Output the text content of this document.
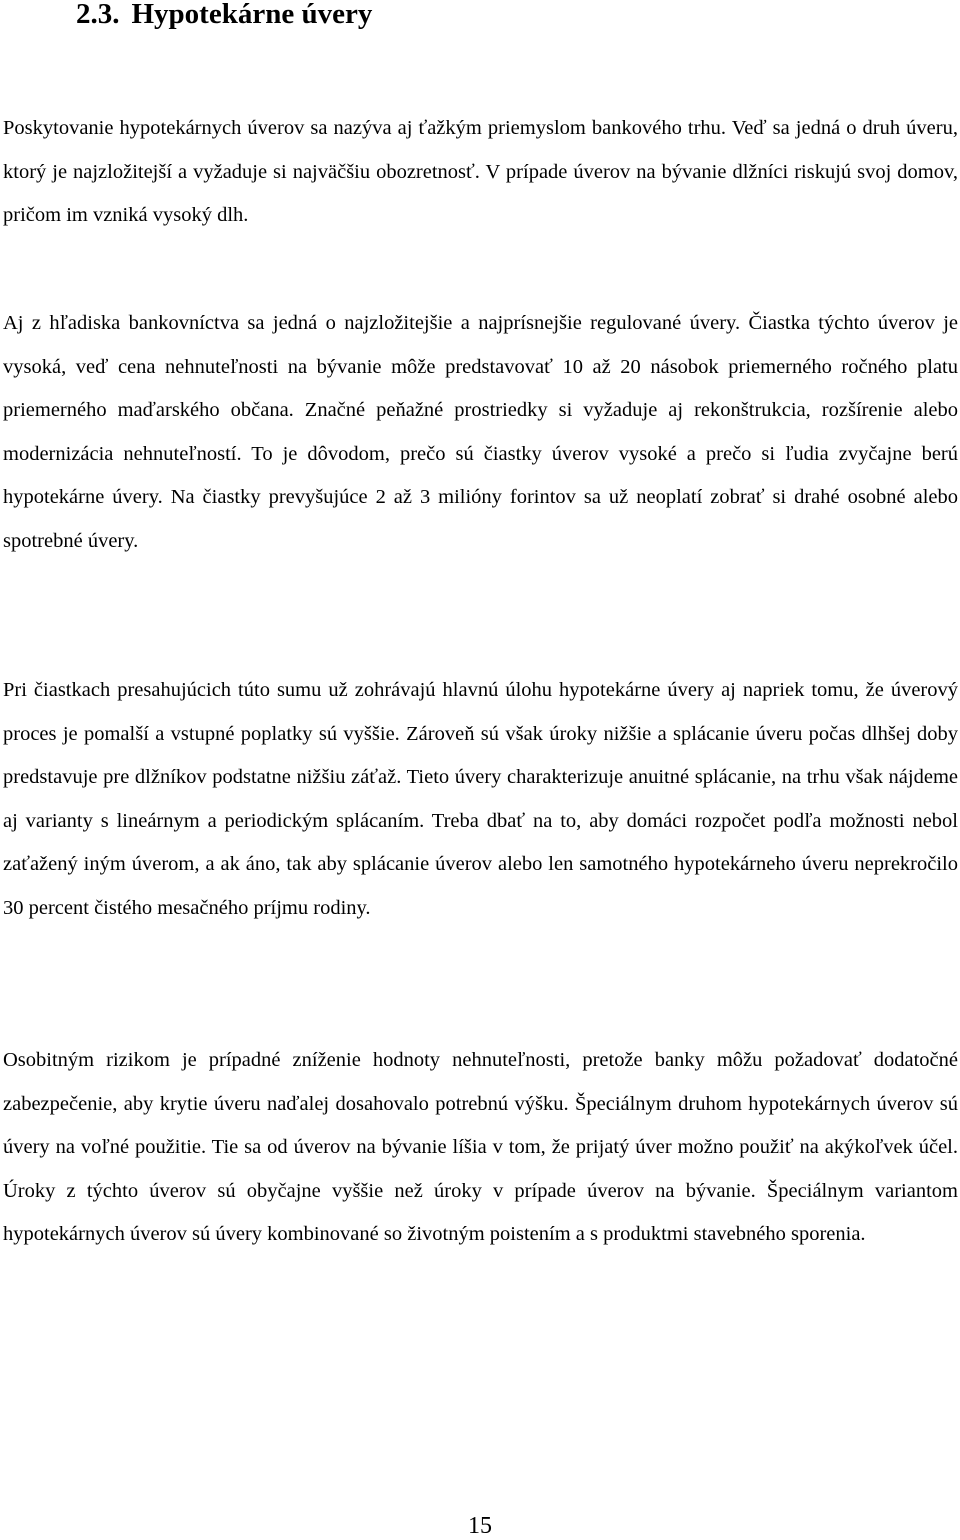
2.3. Hypotekárne úvery

Poskytovanie hypotekárnych úverov sa nazýva aj ťažkým priemyslom bankového trhu. Veď sa jedná o druh úveru, ktorý je najzložitejší a vyžaduje si najväčšiu obozretnosť. V prípade úverov na bývanie dlžníci riskujú svoj domov, pričom im vzniká vysoký dlh.

Aj z hľadiska bankovníctva sa jedná o najzložitejšie a najprísnejšie regulované úvery. Čiastka týchto úverov je vysoká, veď cena nehnuteľnosti na bývanie môže predstavovať 10 až 20 násobok priemerného ročného platu priemerného maďarského občana. Značné peňažné prostriedky si vyžaduje aj rekonštrukcia, rozšírenie alebo modernizácia nehnuteľností. To je dôvodom, prečo sú čiastky úverov vysoké a prečo si ľudia zvyčajne berú hypotekárne úvery. Na čiastky prevyšujúce 2 až 3 milióny forintov sa už neoplatí zobrať si drahé osobné alebo spotrebné úvery.

Pri čiastkach presahujúcich túto sumu už zohrávajú hlavnú úlohu hypotekárne úvery aj napriek tomu, že úverový proces je pomalší a vstupné poplatky sú vyššie. Zároveň sú však úroky nižšie a splácanie úveru počas dlhšej doby predstavuje pre dlžníkov podstatne nižšiu záťaž. Tieto úvery charakterizuje anuitné splácanie, na trhu však nájdeme aj varianty s lineárnym a periodickým splácaním. Treba dbať na to, aby domáci rozpočet podľa možnosti nebol zaťažený iným úverom, a ak áno, tak aby splácanie úverov alebo len samotného hypotekárneho úveru neprekročilo 30 percent čistého mesačného príjmu rodiny.

Osobitným rizikom je prípadné zníženie hodnoty nehnuteľnosti, pretože banky môžu požadovať dodatočné zabezpečenie, aby krytie úveru naďalej dosahovalo potrebnú výšku. Špeciálnym druhom hypotekárnych úverov sú úvery na voľné použitie. Tie sa od úverov na bývanie líšia v tom, že prijatý úver možno použiť na akýkoľvek účel. Úroky z týchto úverov sú obyčajne vyššie než úroky v prípade úverov na bývanie. Špeciálnym variantom hypotekárnych úverov sú úvery kombinované so životným poistením a s produktmi stavebného sporenia.

15
